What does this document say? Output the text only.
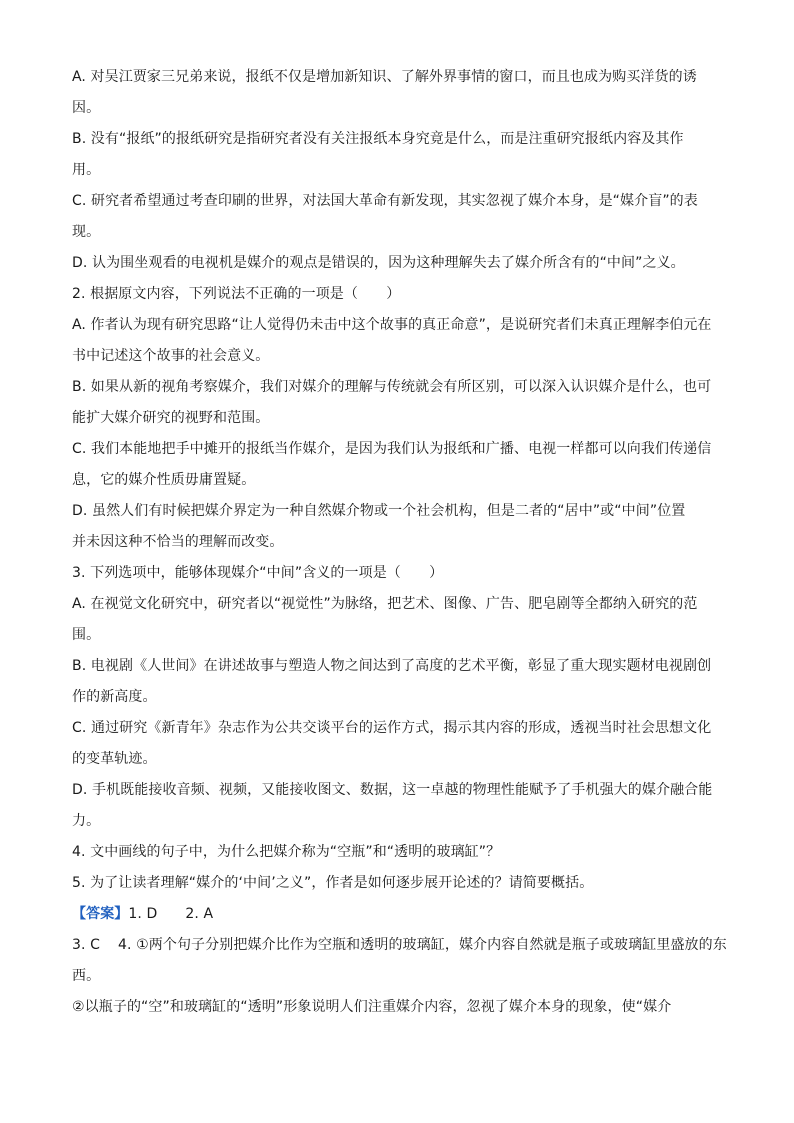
A. 对吴江贾家三兄弟来说，报纸不仅是增加新知识、了解外界事情的窗口，而且也成为购买洋货的诱
因。
B. 没有“报纸”的报纸研究是指研究者没有关注报纸本身究竟是什么，而是注重研究报纸内容及其作
用。
C. 研究者希望通过考查印刷的世界，对法国大革命有新发现，其实忽视了媒介本身，是“媒介盲”的表
现。
D. 认为围坐观看的电视机是媒介的观点是错误的，因为这种理解失去了媒介所含有的“中间”之义。
2. 根据原文内容，下列说法不正确的一项是（　　）
A. 作者认为现有研究思路“让人觉得仍未击中这个故事的真正命意”，是说研究者们未真正理解李伯元在
书中记述这个故事的社会意义。
B. 如果从新的视角考察媒介，我们对媒介的理解与传统就会有所区别，可以深入认识媒介是什么，也可
能扩大媒介研究的视野和范围。
C. 我们本能地把手中摊开的报纸当作媒介，是因为我们认为报纸和广播、电视一样都可以向我们传递信
息，它的媒介性质毋庸置疑。
D. 虽然人们有时候把媒介界定为一种自然媒介物或一个社会机构，但是二者的“居中”或“中间”位置
并未因这种不恰当的理解而改变。
3. 下列选项中，能够体现媒介“中间”含义的一项是（　　）
A. 在视觉文化研究中，研究者以“视觉性”为脉络，把艺术、图像、广告、肥皂剧等全都纳入研究的范
围。
B. 电视剧《人世间》在讲述故事与塑造人物之间达到了高度的艺术平衡，彰显了重大现实题材电视剧创
作的新高度。
C. 通过研究《新青年》杂志作为公共交谈平台的运作方式，揭示其内容的形成，透视当时社会思想文化
的变革轨迹。
D. 手机既能接收音频、视频，又能接收图文、数据，这一卓越的物理性能赋予了手机强大的媒介融合能
力。
4. 文中画线的句子中，为什么把媒介称为“空瓶”和“透明的玻璃缸”？
5. 为了让读者理解“媒介的‘中间’之义”，作者是如何逐步展开论述的？请简要概括。
【答案】1. D 2. A
3. C 4. ①两个句子分别把媒介比作为空瓶和透明的玻璃缸，媒介内容自然就是瓶子或玻璃缸里盛放的东
西。
②以瓶子的“空”和玻璃缸的“透明”形象说明人们注重媒介内容，忽视了媒介本身的现象，使“媒介
